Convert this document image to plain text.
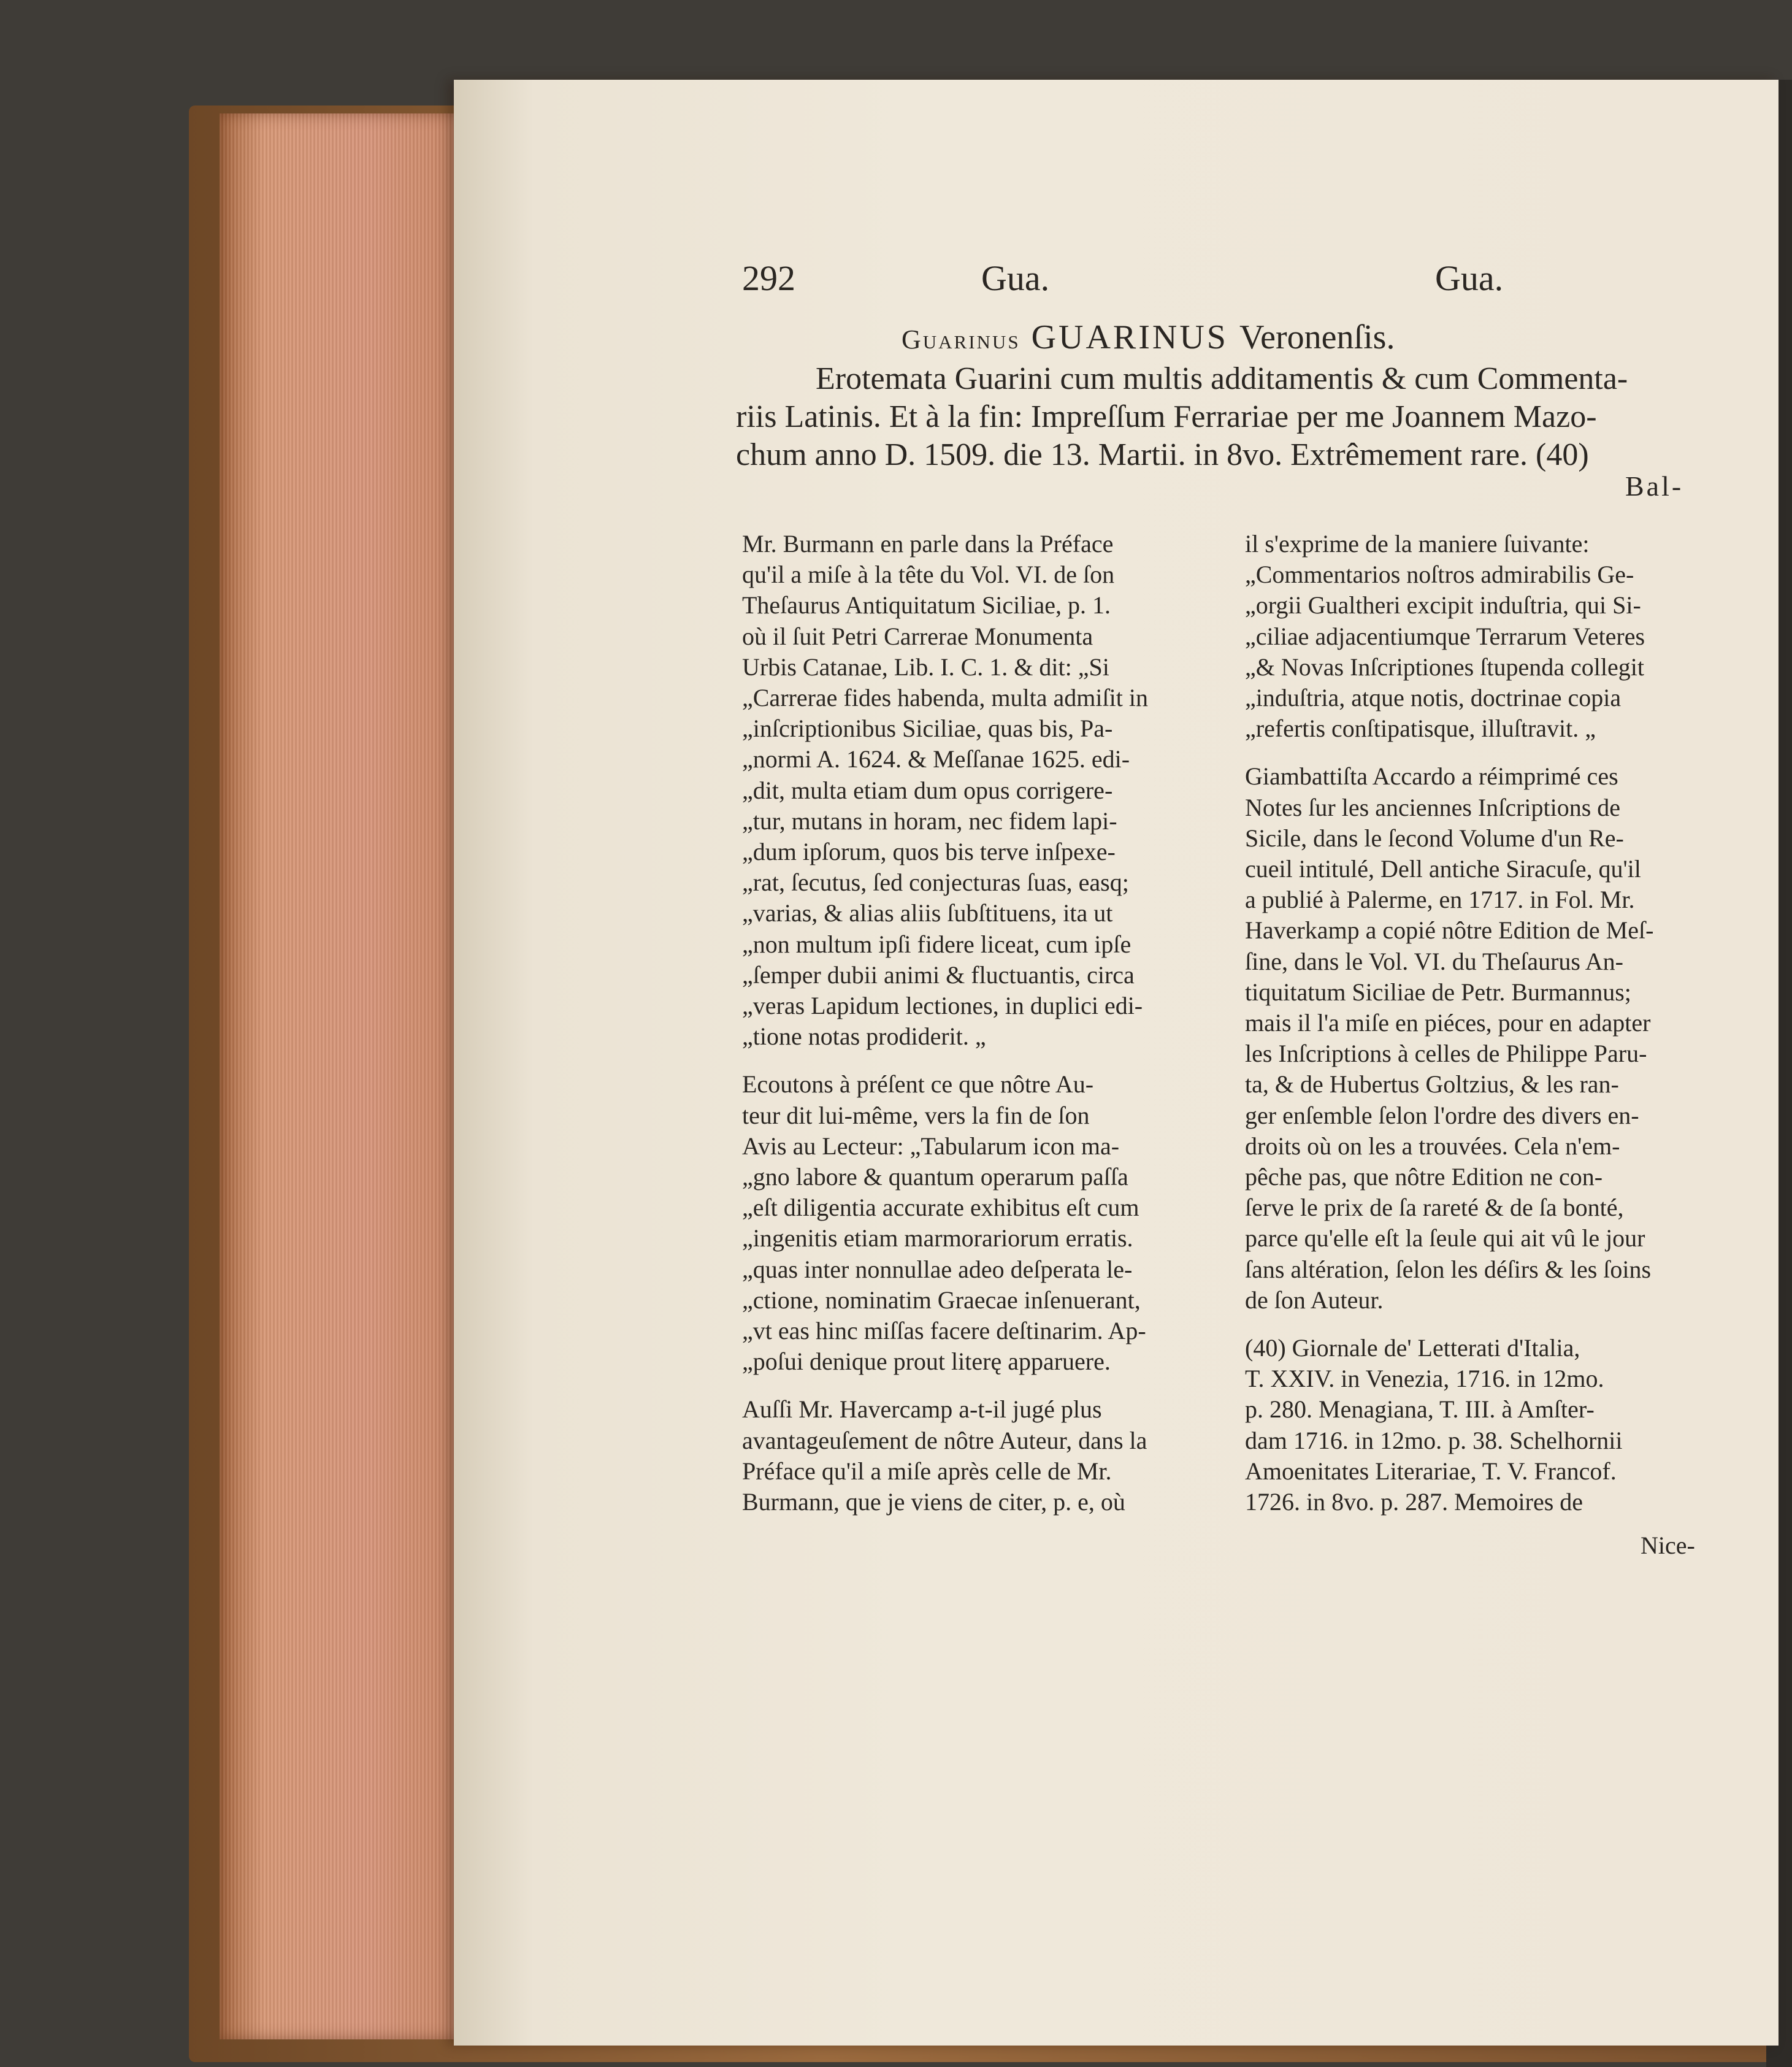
292	Gua.	Gua.
Guarinus GUARINUS Veronenſis.
Erotemata Guarini cum multis additamentis & cum Commenta-
riis Latinis. Et à la fin: Impreſſum Ferrariae per me Joannem Mazo-
chum anno D. 1509. die 13. Martii. in 8vo. Extrêmement rare. (40)
Bal-

Mr. Burmann en parle dans la Préface
qu'il a miſe à la tête du Vol. VI. de ſon
Theſaurus Antiquitatum Siciliae, p. 1.
où il ſuit Petri Carrerae Monumenta
Urbis Catanae, Lib. I. C. 1. & dit: „Si
„Carrerae fides habenda, multa admiſit in
„inſcriptionibus Siciliae, quas bis, Pa-
„normi A. 1624. & Meſſanae 1625. edi-
„dit, multa etiam dum opus corrigere-
„tur, mutans in horam, nec fidem lapi-
„dum ipſorum, quos bis terve inſpexe-
„rat, ſecutus, ſed conjecturas ſuas, easq;
„varias, & alias aliis ſubſtituens, ita ut
„non multum ipſi fidere liceat, cum ipſe
„ſemper dubii animi & fluctuantis, circa
„veras Lapidum lectiones, in duplici edi-
„tione notas prodiderit. „

Ecoutons à préſent ce que nôtre Au-
teur dit lui-même, vers la fin de ſon
Avis au Lecteur: „Tabularum icon ma-
„gno labore & quantum operarum paſſa
„eſt diligentia accurate exhibitus eſt cum
„ingenitis etiam marmorariorum erratis.
„quas inter nonnullae adeo deſperata le-
„ctione, nominatim Graecae inſenuerant,
„vt eas hinc miſſas facere deſtinarim. Ap-
„poſui denique prout literę apparuere.

Auſſi Mr. Havercamp a-t-il jugé plus
avantageuſement de nôtre Auteur, dans la
Préface qu'il a miſe après celle de Mr.
Burmann, que je viens de citer, p. e, où

il s'exprime de la maniere ſuivante:
„Commentarios noſtros admirabilis Ge-
„orgii Gualtheri excipit induſtria, qui Si-
„ciliae adjacentiumque Terrarum Veteres
„& Novas Inſcriptiones ſtupenda collegit
„induſtria, atque notis, doctrinae copia
„refertis conſtipatisque, illuſtravit. „

Giambattiſta Accardo a réimprimé ces
Notes ſur les anciennes Inſcriptions de
Sicile, dans le ſecond Volume d'un Re-
cueil intitulé, Dell antiche Siracuſe, qu'il
a publié à Palerme, en 1717. in Fol. Mr.
Haverkamp a copié nôtre Edition de Meſ-
ſine, dans le Vol. VI. du Theſaurus An-
tiquitatum Siciliae de Petr. Burmannus;
mais il l'a miſe en piéces, pour en adapter
les Inſcriptions à celles de Philippe Paru-
ta, & de Hubertus Goltzius, & les ran-
ger enſemble ſelon l'ordre des divers en-
droits où on les a trouvées. Cela n'em-
pêche pas, que nôtre Edition ne con-
ſerve le prix de ſa rareté & de ſa bonté,
parce qu'elle eſt la ſeule qui ait vû le jour
ſans altération, ſelon les déſirs & les ſoins
de ſon Auteur.

(40) Giornale de' Letterati d'Italia,
T. XXIV. in Venezia, 1716. in 12mo.
p. 280. Menagiana, T. III. à Amſter-
dam 1716. in 12mo. p. 38. Schelhornii
Amoenitates Literariae, T. V. Francof.
1726. in 8vo. p. 287. Memoires de

Nice-
